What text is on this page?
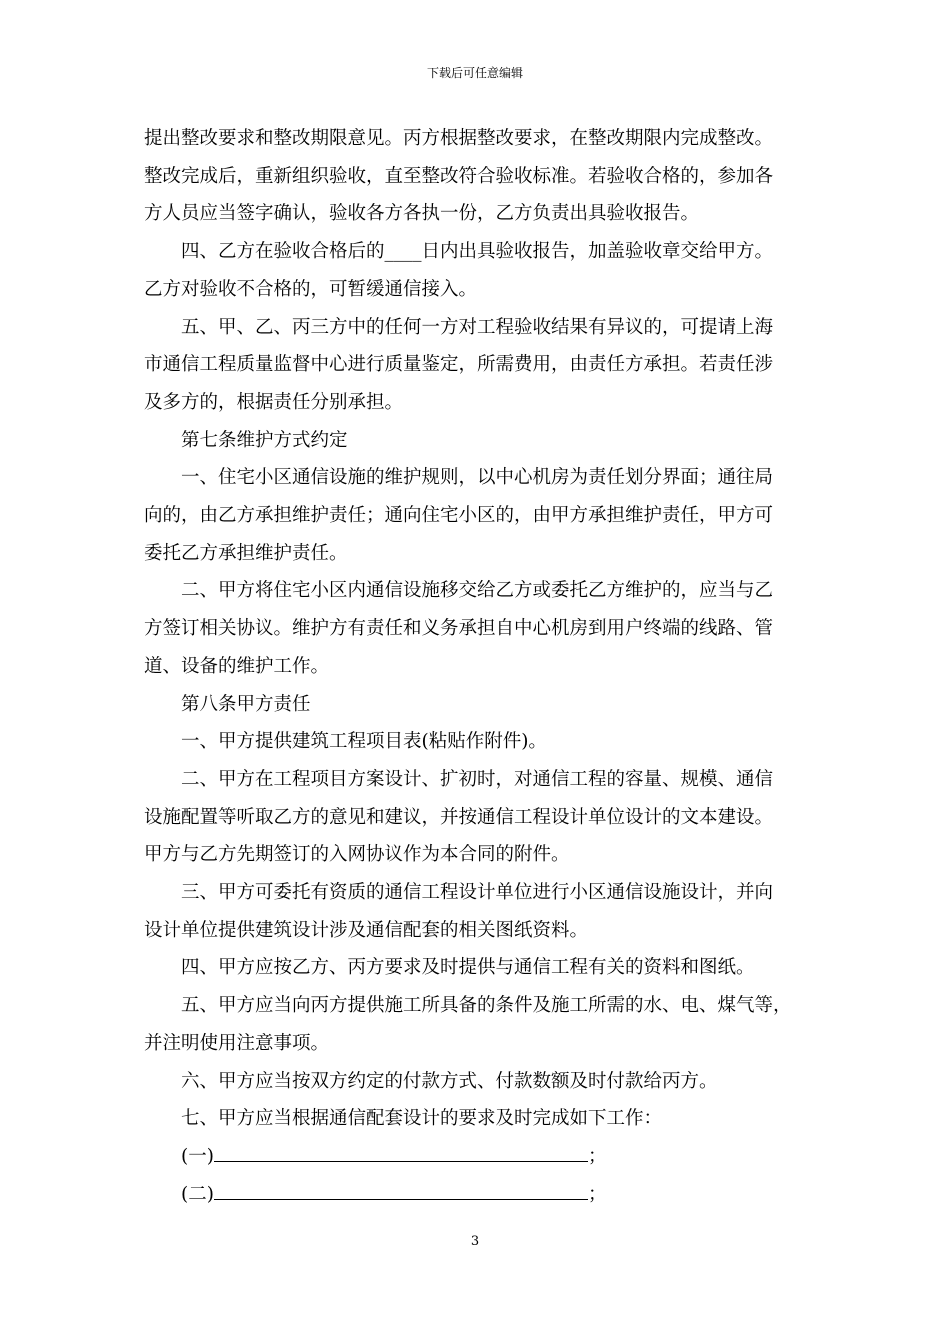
下载后可任意编辑
提出整改要求和整改期限意见。丙方根据整改要求，在整改期限内完成整改。
整改完成后，重新组织验收，直至整改符合验收标准。若验收合格的，参加各
方人员应当签字确认，验收各方各执一份，乙方负责出具验收报告。
四、乙方在验收合格后的____日内出具验收报告，加盖验收章交给甲方。
乙方对验收不合格的，可暂缓通信接入。
五、甲、乙、丙三方中的任何一方对工程验收结果有异议的，可提请上海
市通信工程质量监督中心进行质量鉴定，所需费用，由责任方承担。若责任涉
及多方的，根据责任分别承担。
第七条维护方式约定
一、住宅小区通信设施的维护规则，以中心机房为责任划分界面；通往局
向的，由乙方承担维护责任；通向住宅小区的，由甲方承担维护责任，甲方可
委托乙方承担维护责任。
二、甲方将住宅小区内通信设施移交给乙方或委托乙方维护的，应当与乙
方签订相关协议。维护方有责任和义务承担自中心机房到用户终端的线路、管
道、设备的维护工作。
第八条甲方责任
一、甲方提供建筑工程项目表(粘贴作附件)。
二、甲方在工程项目方案设计、扩初时，对通信工程的容量、规模、通信
设施配置等听取乙方的意见和建议，并按通信工程设计单位设计的文本建设。
甲方与乙方先期签订的入网协议作为本合同的附件。
三、甲方可委托有资质的通信工程设计单位进行小区通信设施设计，并向
设计单位提供建筑设计涉及通信配套的相关图纸资料。
四、甲方应按乙方、丙方要求及时提供与通信工程有关的资料和图纸。
五、甲方应当向丙方提供施工所具备的条件及施工所需的水、电、煤气等，
并注明使用注意事项。
六、甲方应当按双方约定的付款方式、付款数额及时付款给丙方。
七、甲方应当根据通信配套设计的要求及时完成如下工作：
(一)	；
(二)	；
3
